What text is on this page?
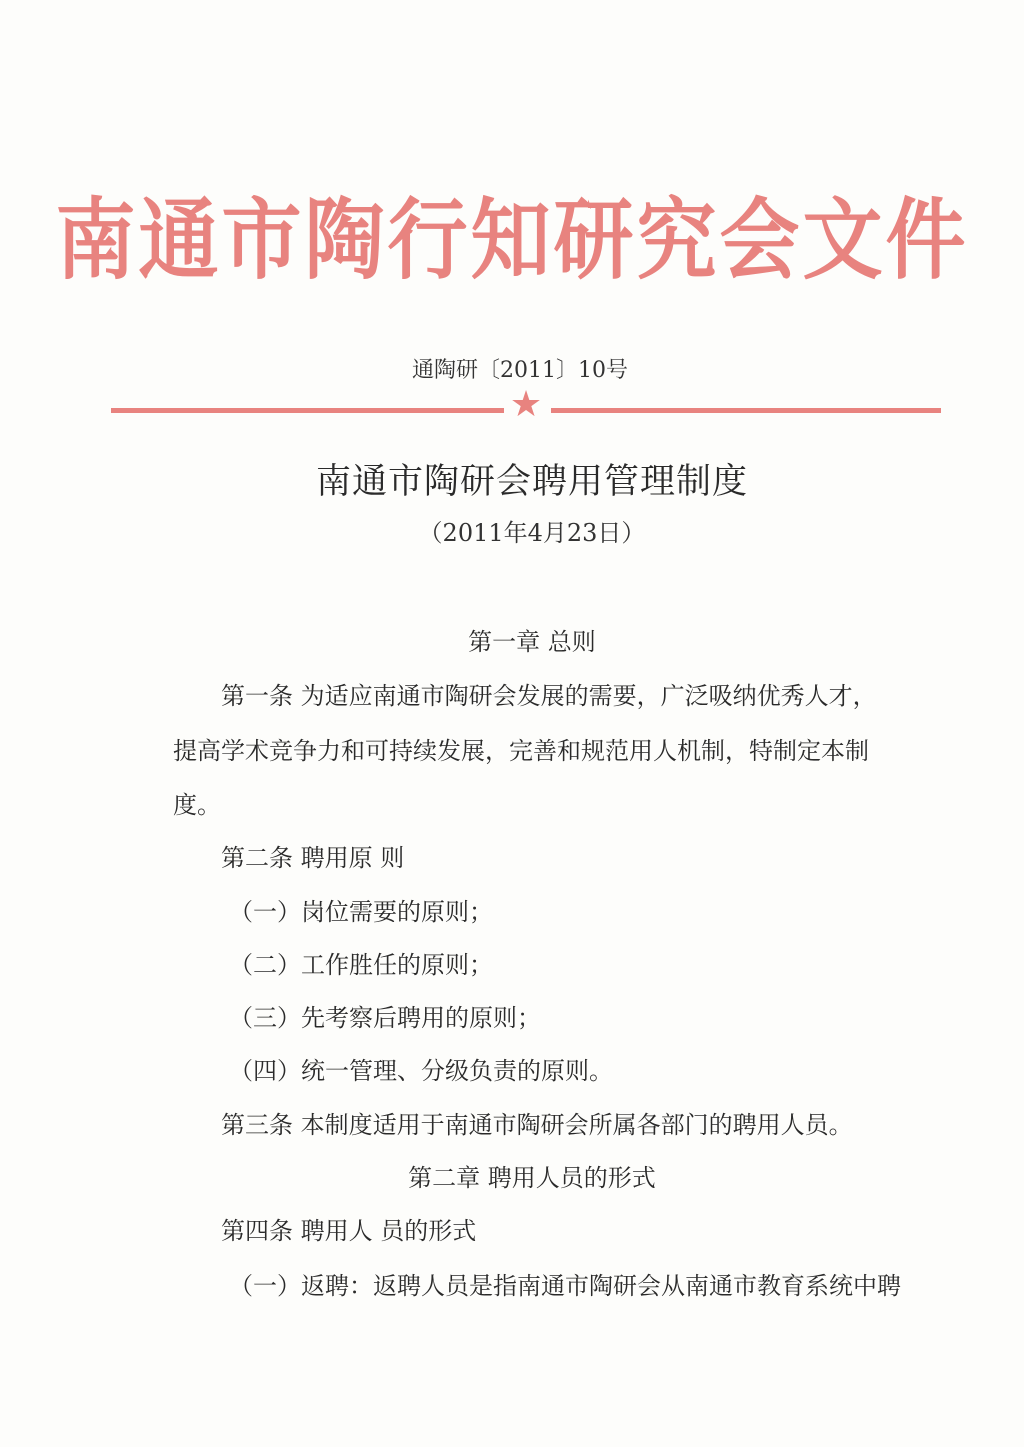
南通市陶行知研究会文件
通陶研〔2011〕10号
★
南通市陶研会聘用管理制度
（2011年4月23日）
第一章 总则
第一条 为适应南通市陶研会发展的需要，广泛吸纳优秀人才，
提高学术竞争力和可持续发展，完善和规范用人机制，特制定本制
度。
第二条 聘用原 则
（一）岗位需要的原则；
（二）工作胜任的原则；
（三）先考察后聘用的原则；
（四）统一管理、分级负责的原则。
第三条 本制度适用于南通市陶研会所属各部门的聘用人员。
第二章 聘用人员的形式
第四条 聘用人 员的形式
（一）返聘：返聘人员是指南通市陶研会从南通市教育系统中聘
